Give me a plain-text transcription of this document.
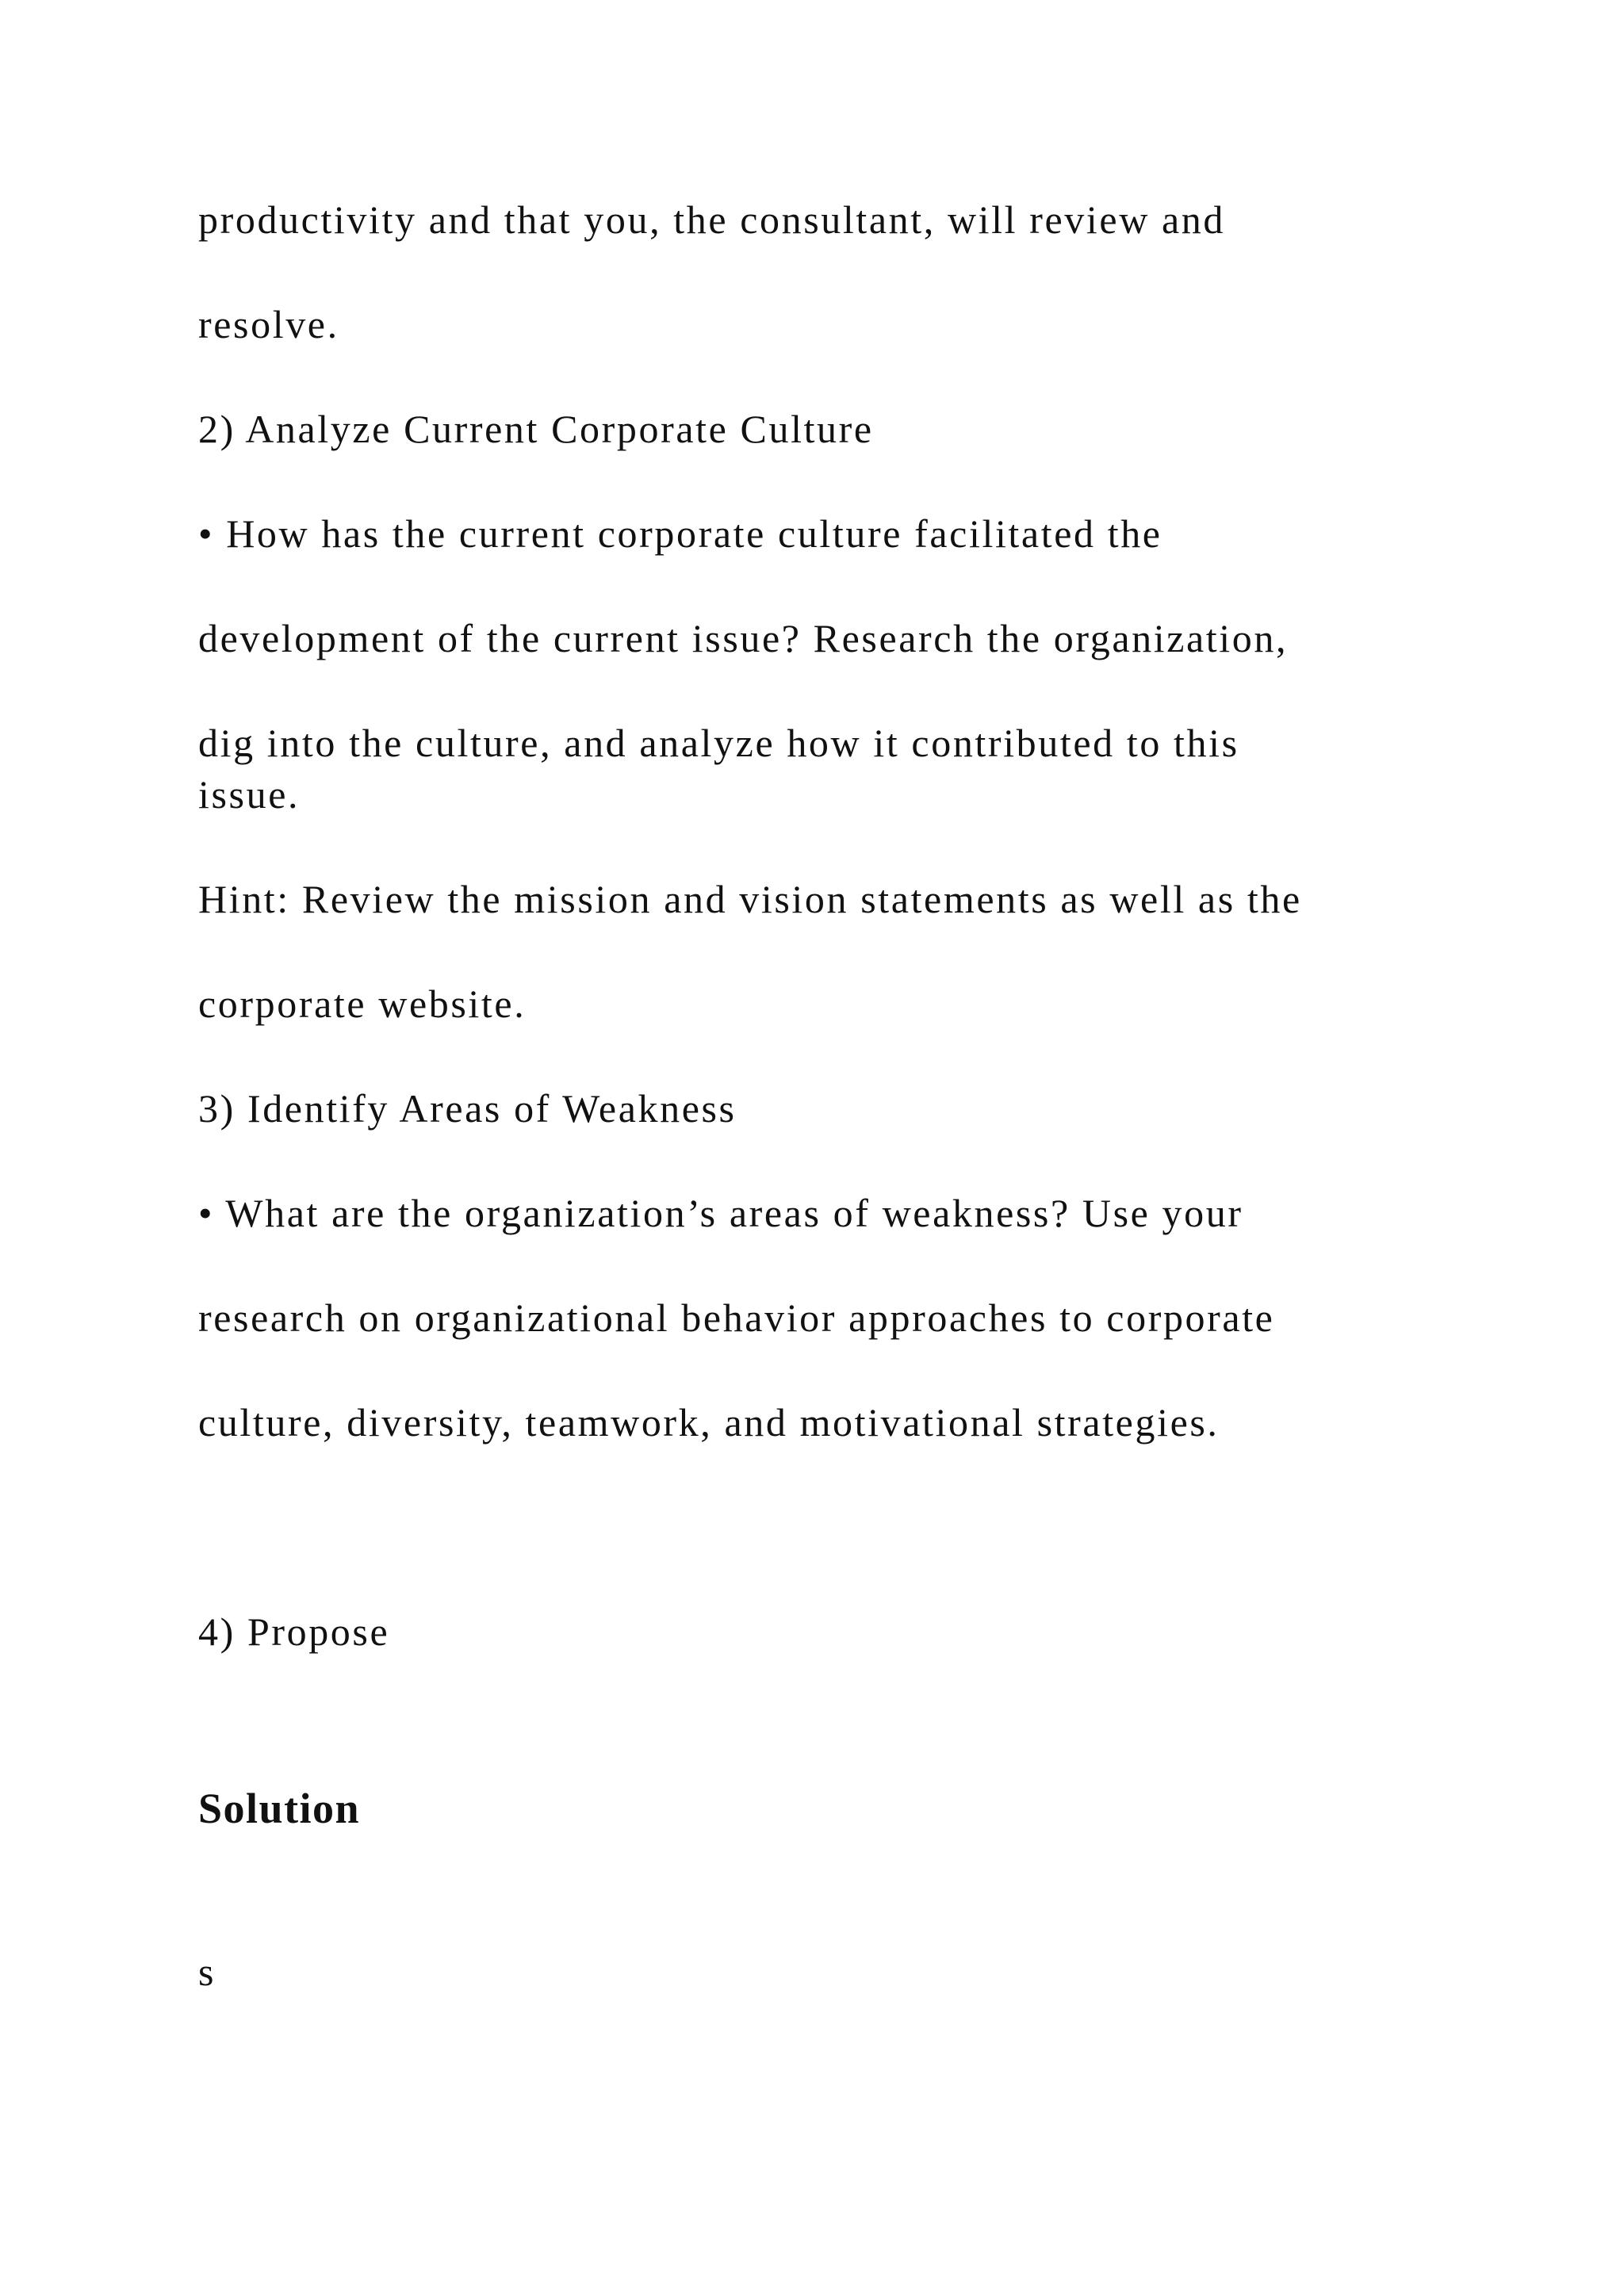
productivity and that you, the consultant, will review and

resolve.

2) Analyze Current Corporate Culture

• How has the current corporate culture facilitated the

development of the current issue? Research the organization,

dig into the culture, and analyze how it contributed to this

issue.

Hint: Review the mission and vision statements as well as the

corporate website.

3) Identify Areas of Weakness

• What are the organization’s areas of weakness? Use your

research on organizational behavior approaches to corporate

culture, diversity, teamwork, and motivational strategies.

4) Propose

Solution

s
